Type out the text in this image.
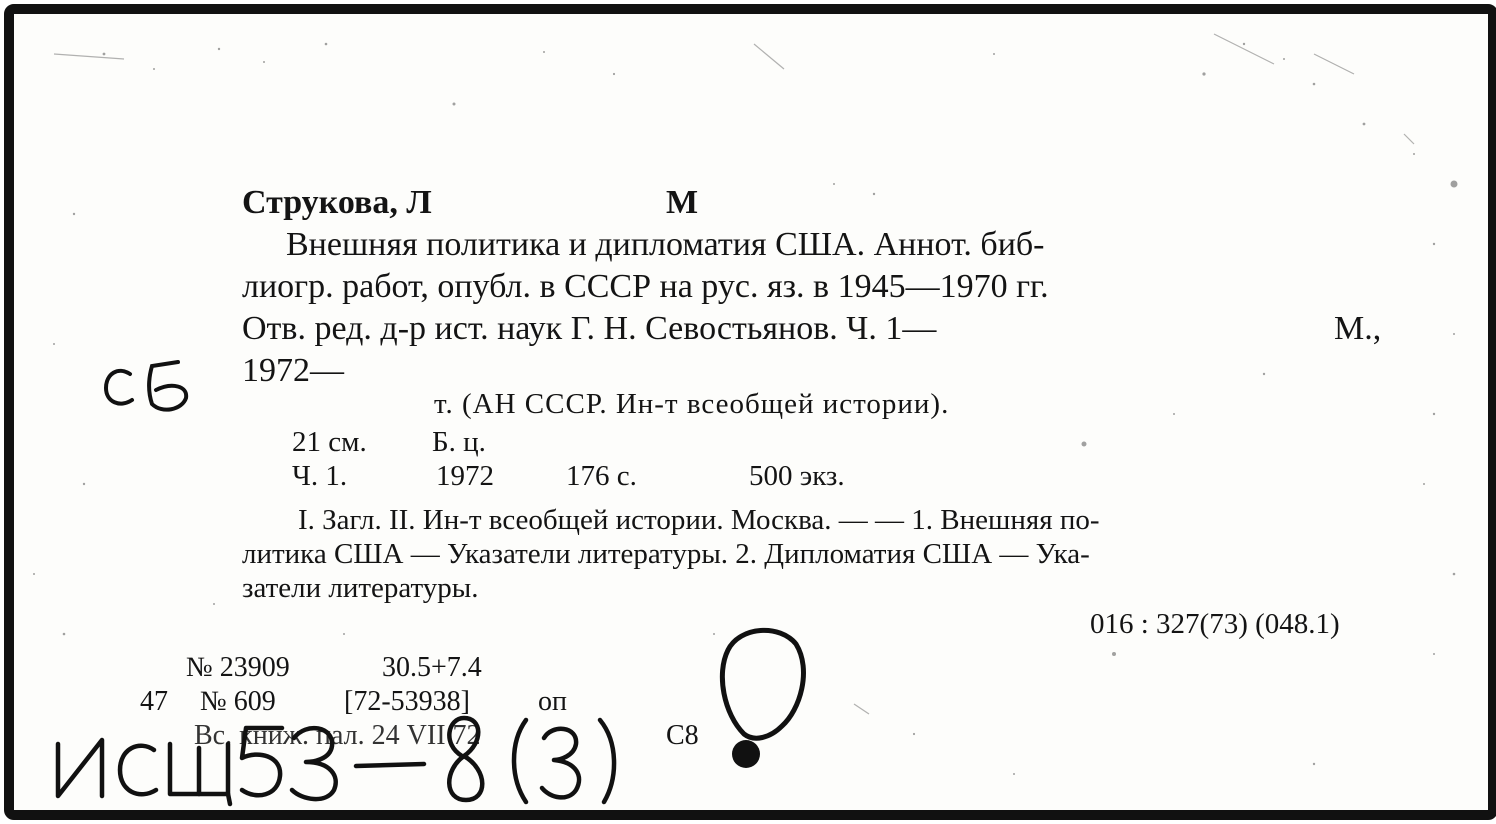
Струкова, Л	М
Внешняя политика и дипломатия США. Аннот. биб-
лиогр. работ, опубл. в СССР на рус. яз. в 1945—1970 гг.
Отв. ред. д-р ист. наук Г. Н. Севостьянов. Ч. 1—	М.,
1972—
т. (АН СССР. Ин-т всеобщей истории).
21 см. Б. ц.
Ч. 1.	1972 176 с.	500 экз.
I. Загл. II. Ин-т всеобщей истории. Москва. — — 1. Внешняя по-
литика США — Указатели литературы. 2. Дипломатия США — Ука-
затели литературы.
016 : 327(73) (048.1)
№ 23909	30.5+7.4
47 № 609 [72-53938] оп
Вс. книж. пал. 24 VII 72	С8
